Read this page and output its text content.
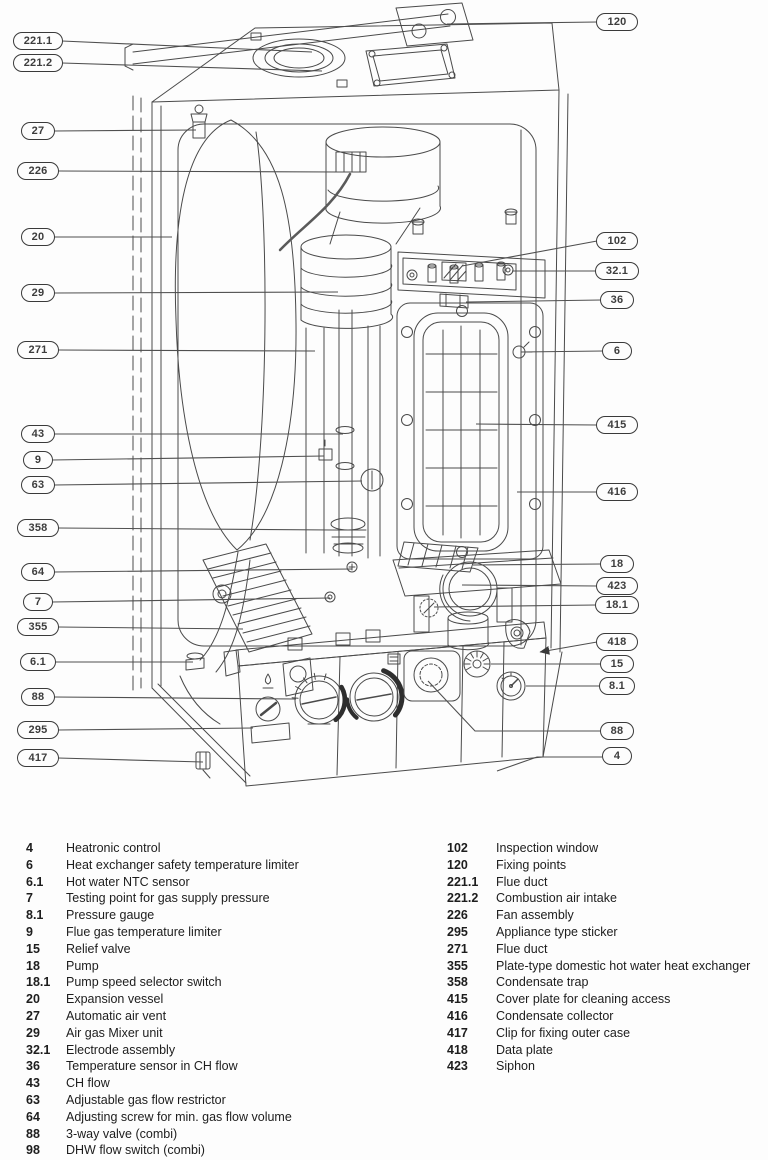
221.1
221.2
27
226
20
29
271
43
9
63
358
64
7
355
6.1
88
295
417
120
102
32.1
36
6
415
416
18
423
18.1
418
15
8.1
88
4
4	Heatronic control
6	Heat exchanger safety temperature limiter
6.1	Hot water NTC sensor
7	Testing point for gas supply pressure
8.1	Pressure gauge
9	Flue gas temperature limiter
15	Relief valve
18	Pump
18.1	Pump speed selector switch
20	Expansion vessel
27	Automatic air vent
29	Air gas Mixer unit
32.1	Electrode assembly
36	Temperature sensor in CH flow
43	CH flow
63	Adjustable gas flow restrictor
64	Adjusting screw for min. gas flow volume
88	3-way valve (combi)
98	DHW flow switch (combi)
102	Inspection window
120	Fixing points
221.1	Flue duct
221.2	Combustion air intake
226	Fan assembly
295	Appliance type sticker
271	Flue duct
355	Plate-type domestic hot water heat exchanger
358	Condensate trap
415	Cover plate for cleaning access
416	Condensate collector
417	Clip for fixing outer case
418	Data plate
423	Siphon
